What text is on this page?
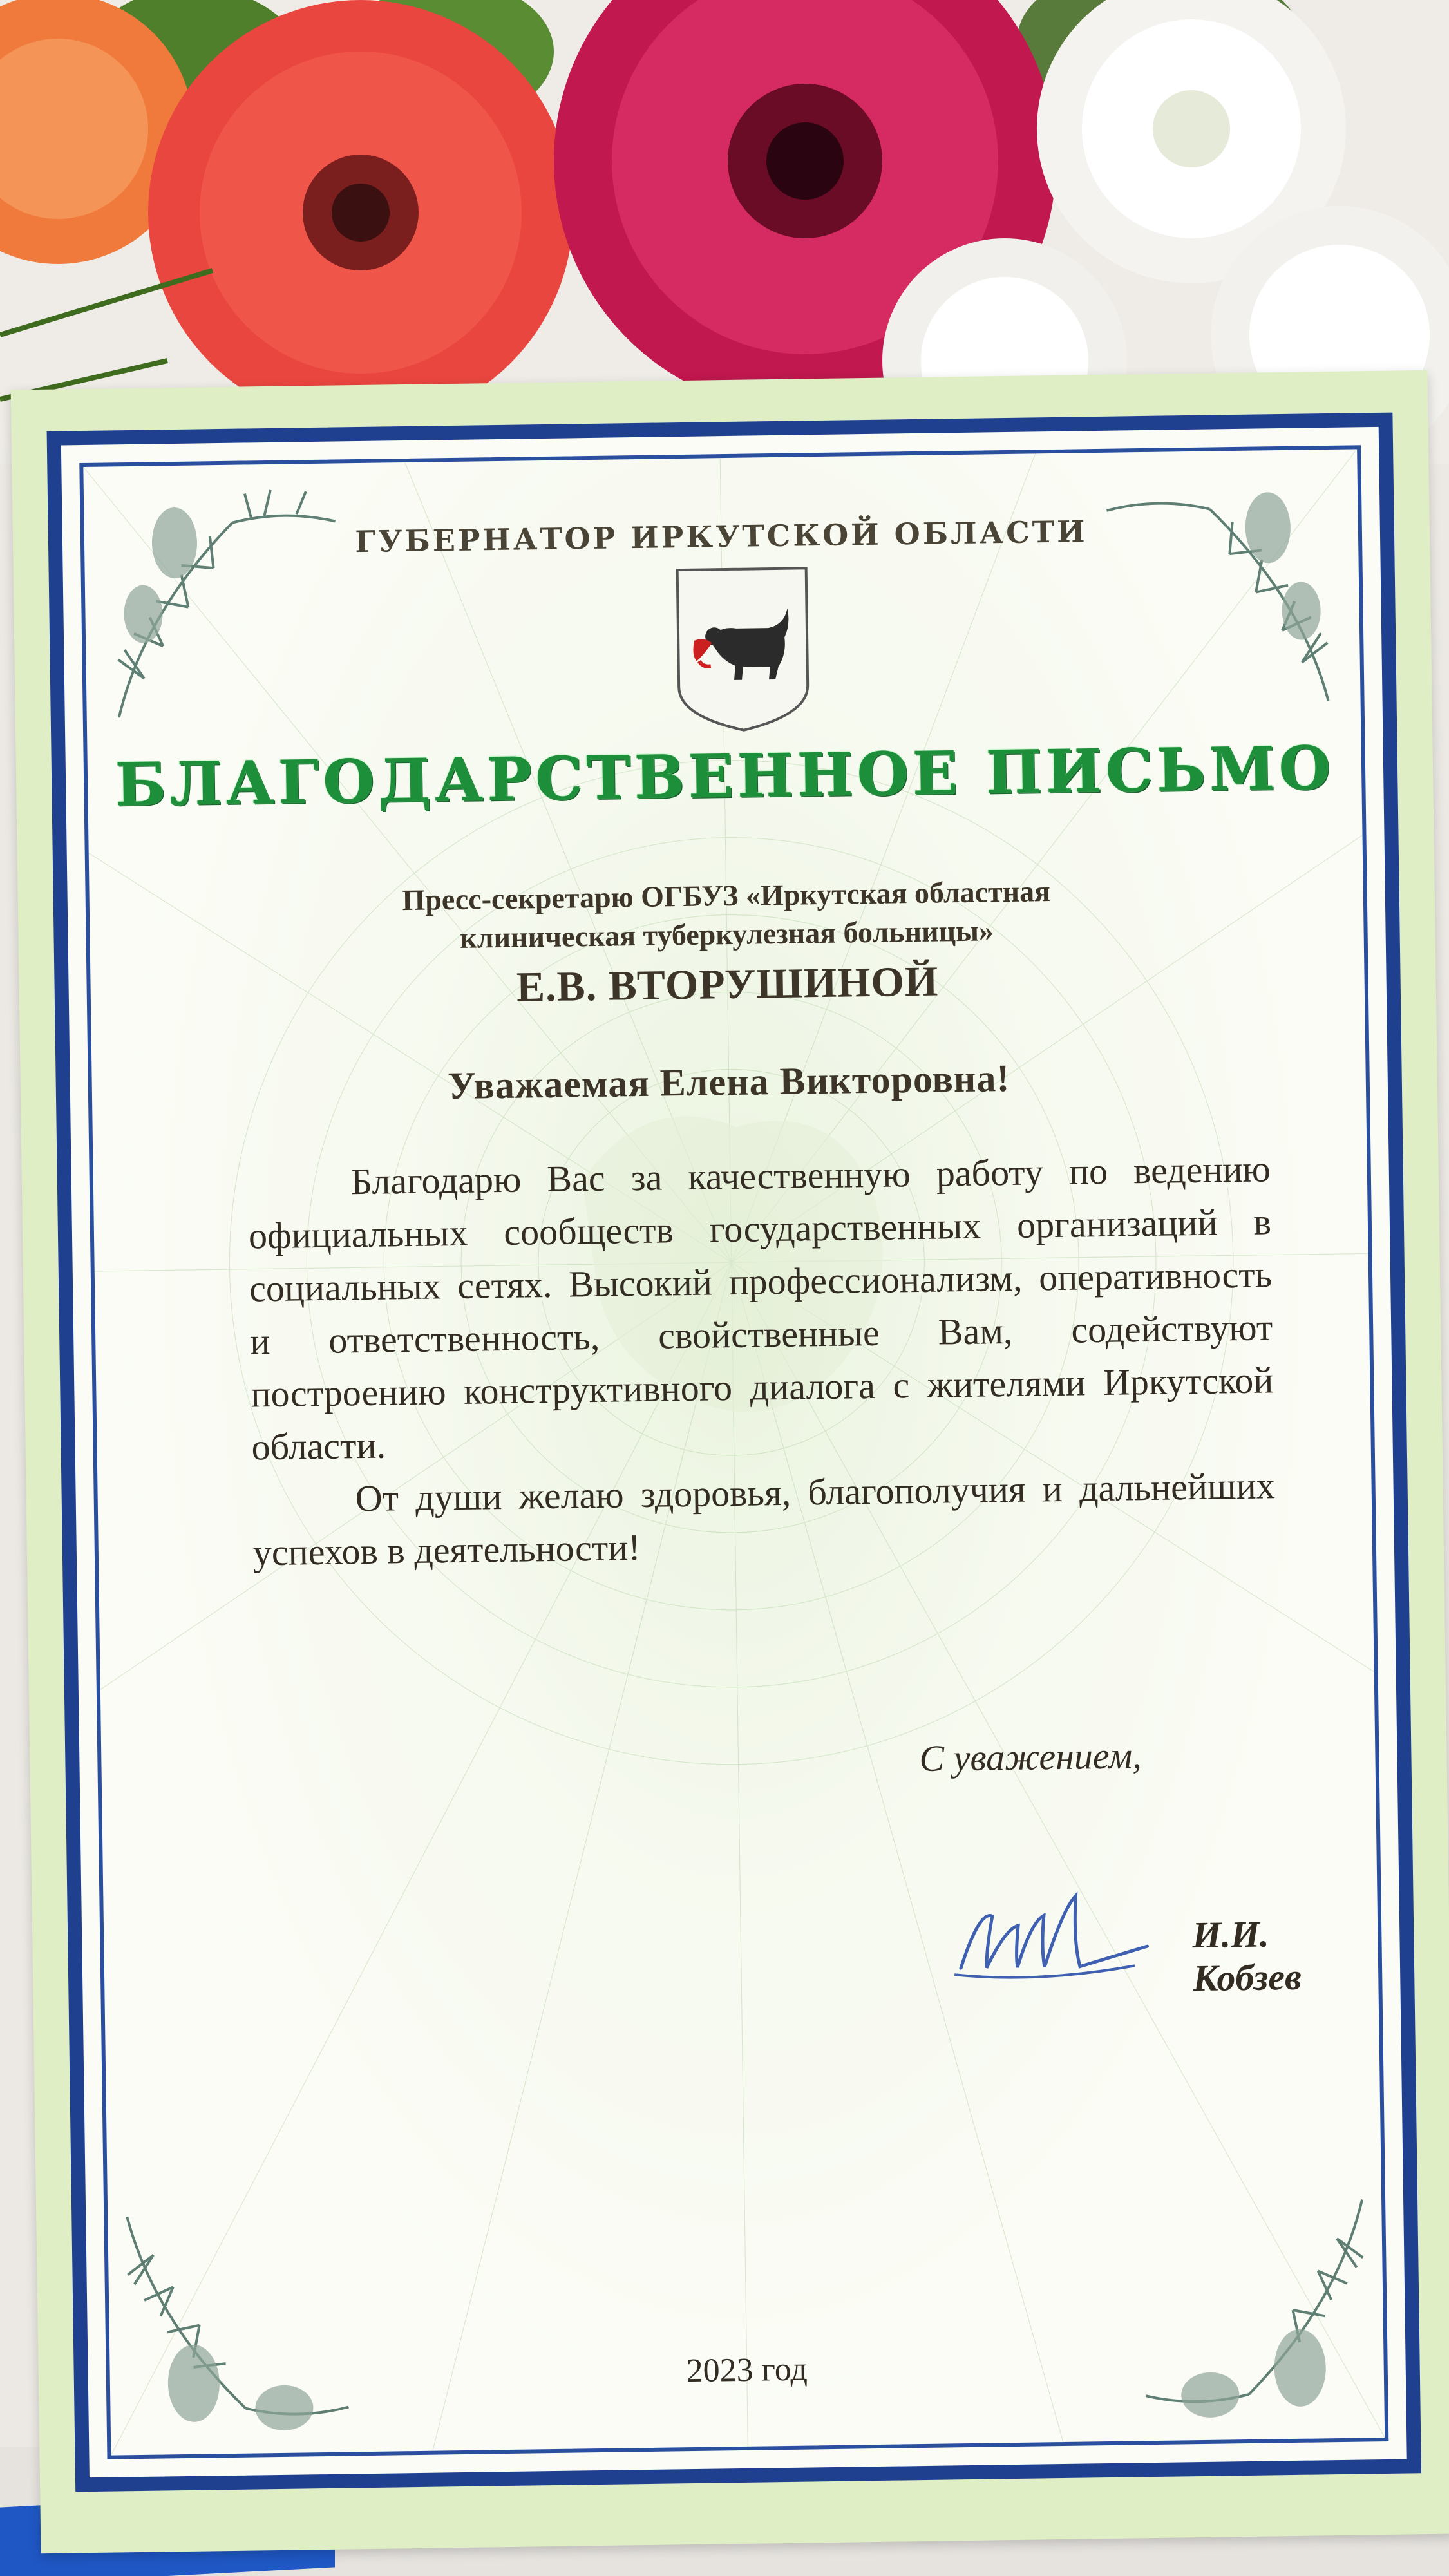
ГУБЕРНАТОР ИРКУТСКОЙ ОБЛАСТИ
БЛАГОДАРСТВЕННОЕ ПИСЬМО
Пресс-секретарю ОГБУЗ «Иркутская областная
клиническая туберкулезная больницы»
Е.В. ВТОРУШИНОЙ
Уважаемая Елена Викторовна!

Благодарю Вас за качественную работу по ведению официальных сообществ государственных организаций в социальных сетях. Высокий профессионализм, оперативность и ответственность, свойственные Вам, содействуют построению конструктивного диалога с жителями Иркутской области.

От души желаю здоровья, благополучия и дальнейших успехов в деятельности!

С уважением,
И.И. Кобзев
2023 год
